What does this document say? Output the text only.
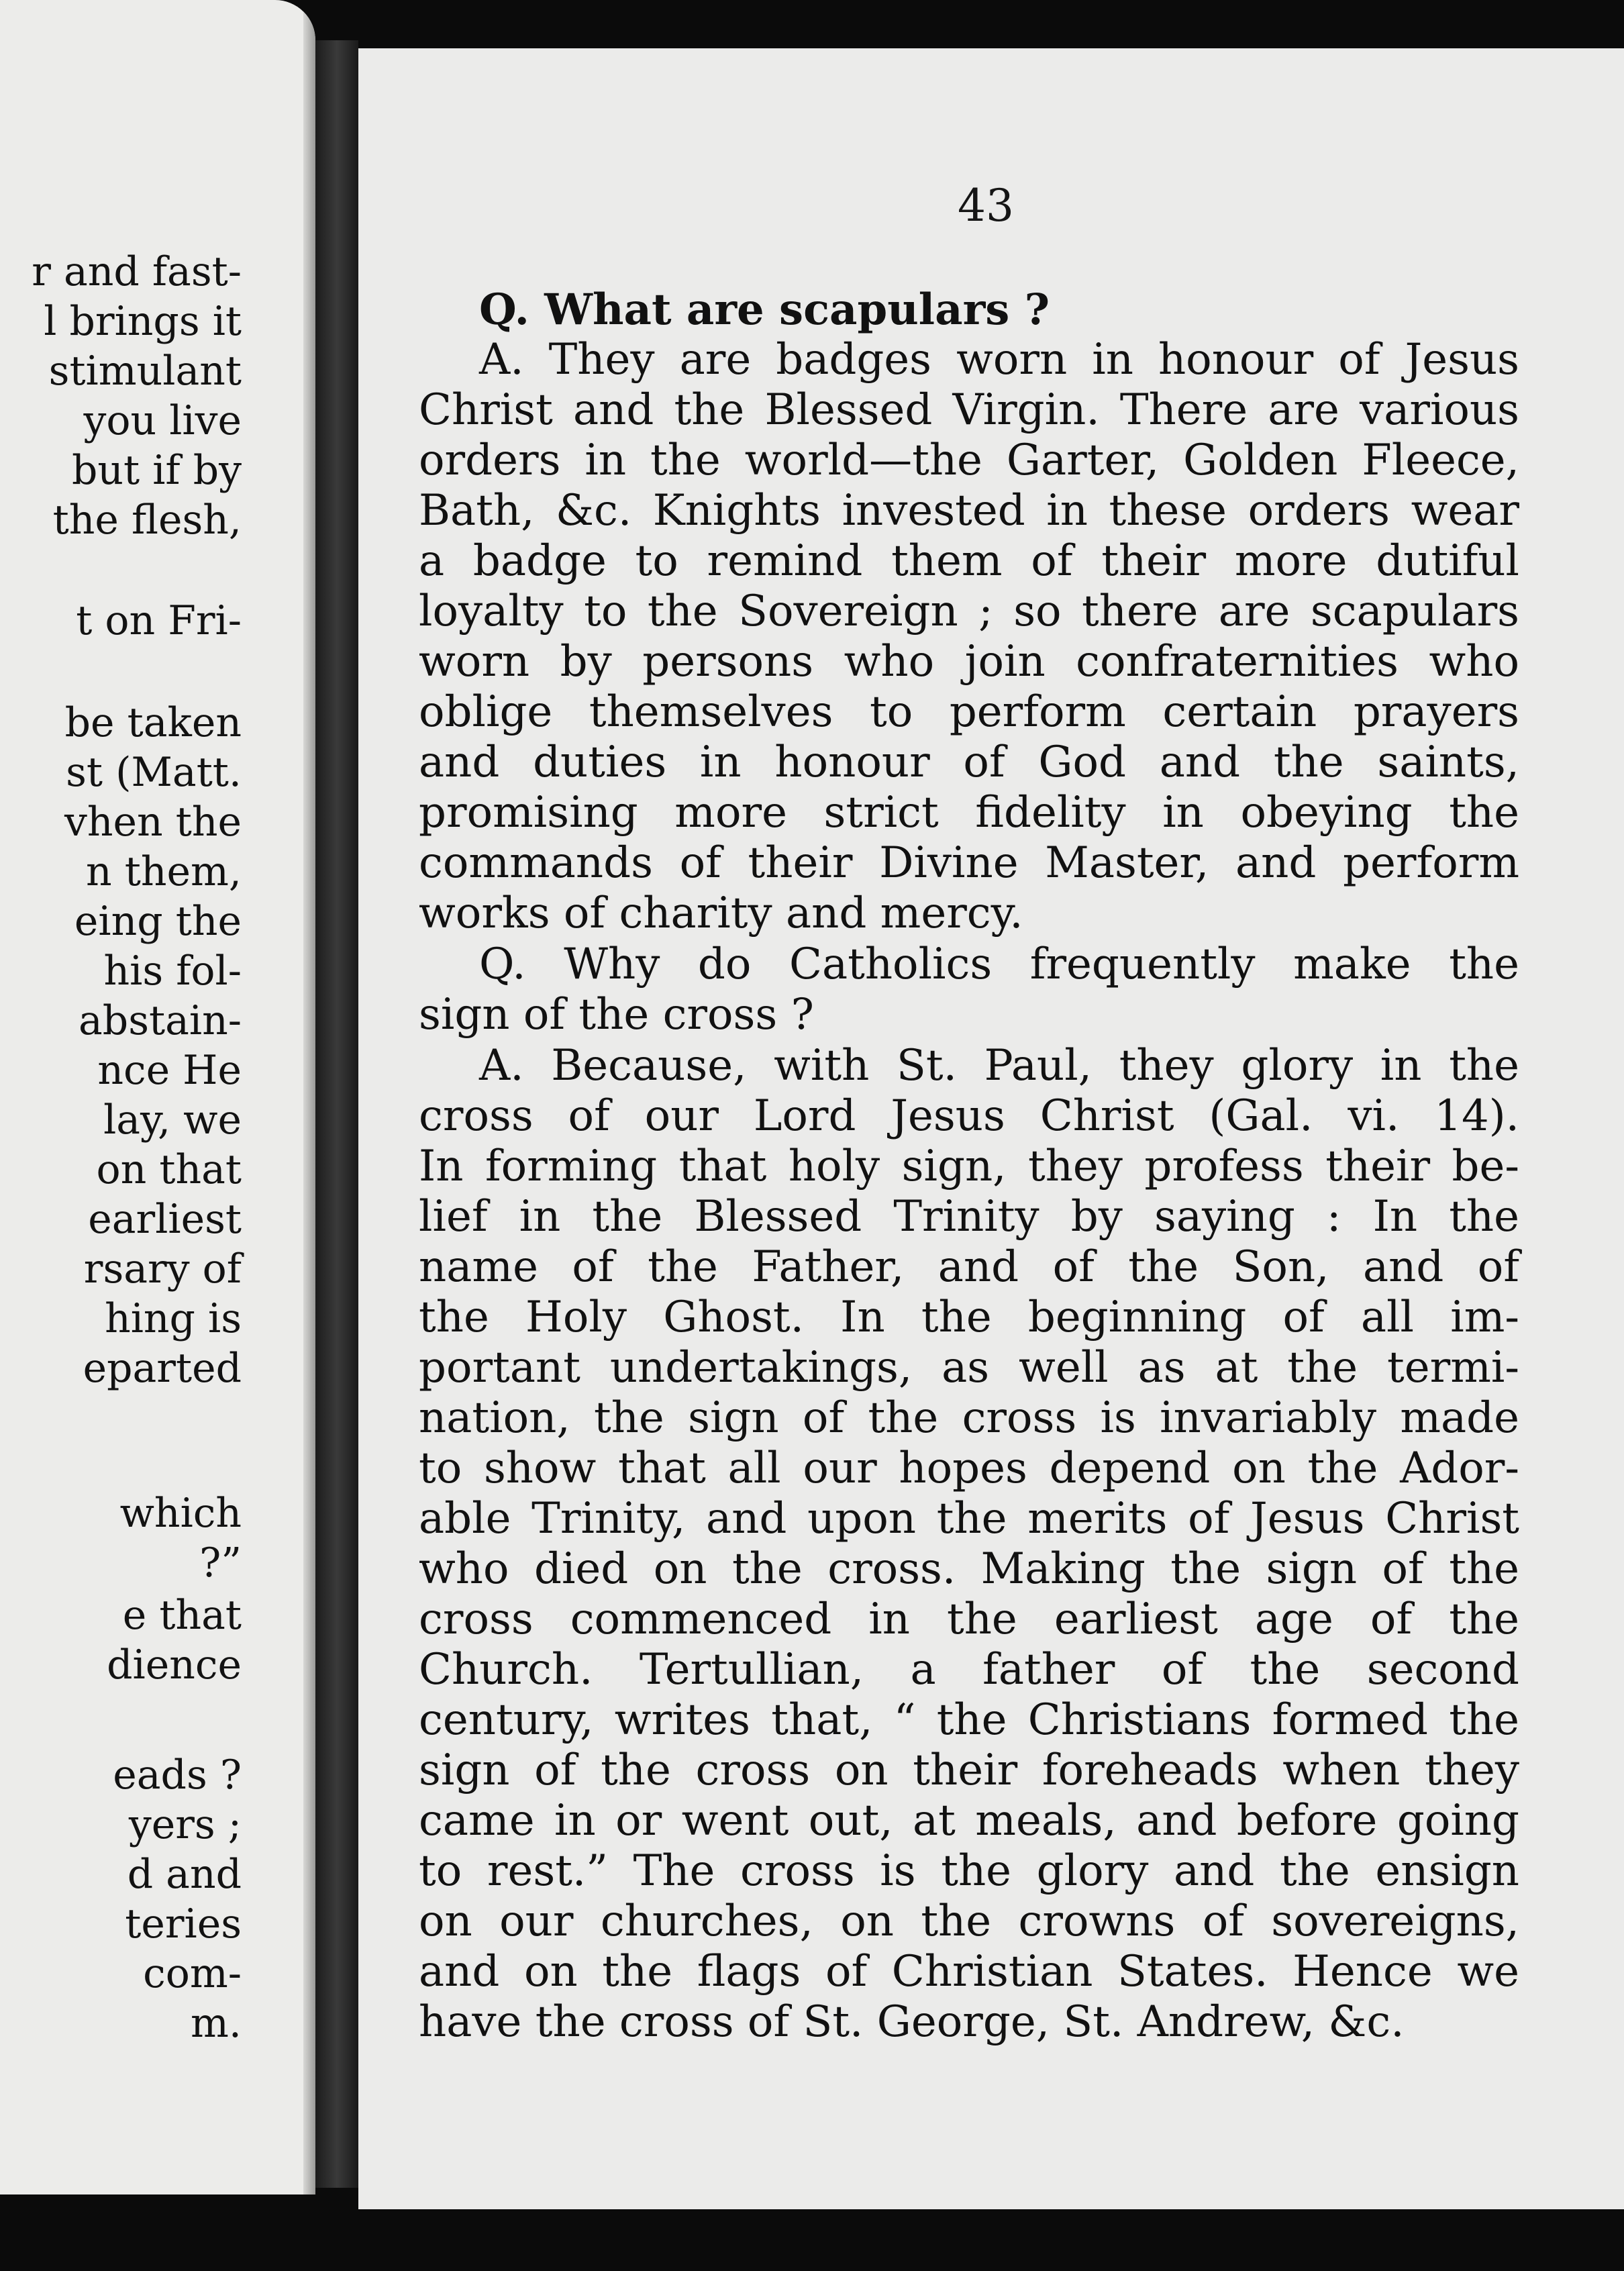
r and fast-
l brings it
stimulant
you live
but if by
the flesh,
t on Fri-
be taken
st (Matt.
vhen the
n them,
eing the
his fol-
abstain-
nce He
lay, we
on that
earliest
rsary of
hing is
eparted
which
?”
e that
dience
eads ?
yers ;
d and
teries
com-
m.
43
Q. What are scapulars ?
A. They are badges worn in honour of Jesus
Christ and the Blessed Virgin. There are various
orders in the world—the Garter, Golden Fleece,
Bath, &c. Knights invested in these orders wear
a badge to remind them of their more dutiful
loyalty to the Sovereign ; so there are scapulars
worn by persons who join confraternities who
oblige themselves to perform certain prayers
and duties in honour of God and the saints,
promising more strict fidelity in obeying the
commands of their Divine Master, and perform
works of charity and mercy.
Q. Why do Catholics frequently make the
sign of the cross ?
A. Because, with St. Paul, they glory in the
cross of our Lord Jesus Christ (Gal. vi. 14).
In forming that holy sign, they profess their be-
lief in the Blessed Trinity by saying : In the
name of the Father, and of the Son, and of
the Holy Ghost. In the beginning of all im-
portant undertakings, as well as at the termi-
nation, the sign of the cross is invariably made
to show that all our hopes depend on the Ador-
able Trinity, and upon the merits of Jesus Christ
who died on the cross. Making the sign of the
cross commenced in the earliest age of the
Church. Tertullian, a father of the second
century, writes that, “ the Christians formed the
sign of the cross on their foreheads when they
came in or went out, at meals, and before going
to rest.” The cross is the glory and the ensign
on our churches, on the crowns of sovereigns,
and on the flags of Christian States. Hence we
have the cross of St. George, St. Andrew, &c.
